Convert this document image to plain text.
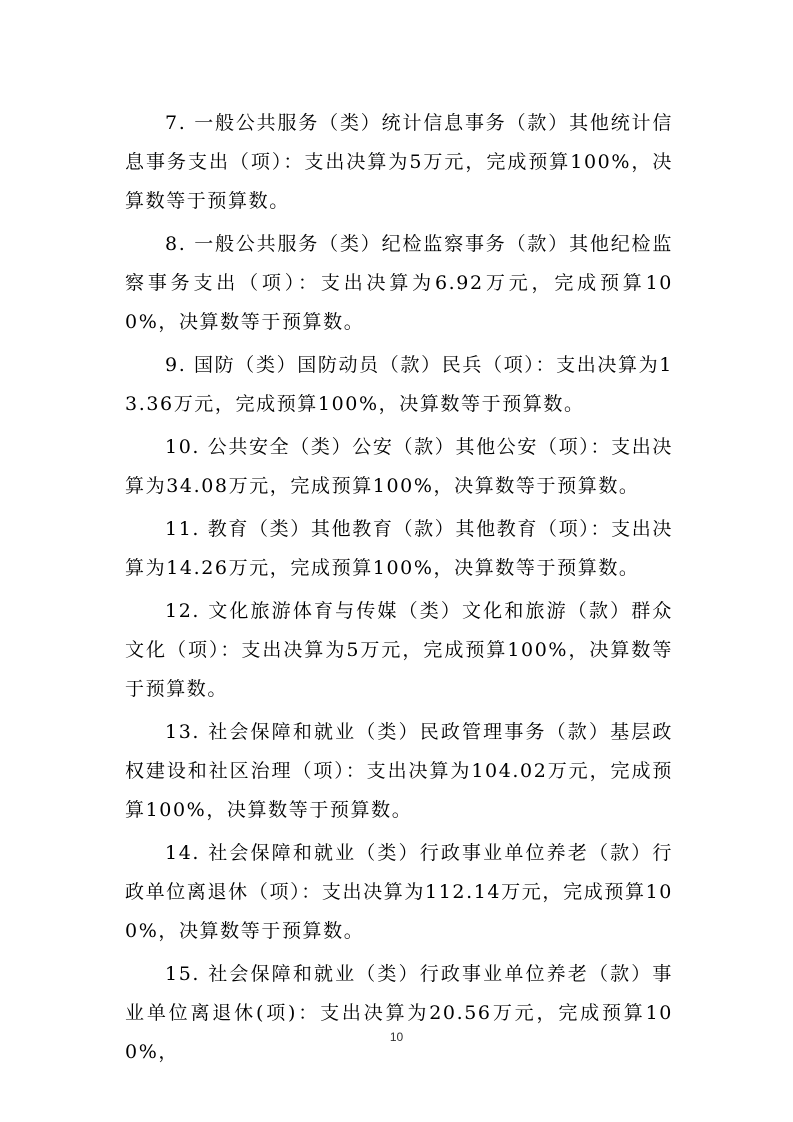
7. 一般公共服务（类）统计信息事务（款）其他统计信息事务支出（项）：支出决算为5万元，完成预算100%，决算数等于预算数。

8. 一般公共服务（类）纪检监察事务（款）其他纪检监察事务支出（项）：支出决算为6.92万元，完成预算100%，决算数等于预算数。

9. 国防（类）国防动员（款）民兵（项）：支出决算为13.36万元，完成预算100%，决算数等于预算数。

10. 公共安全（类）公安（款）其他公安（项）：支出决算为34.08万元，完成预算100%，决算数等于预算数。

11. 教育（类）其他教育（款）其他教育（项）：支出决算为14.26万元，完成预算100%，决算数等于预算数。

12. 文化旅游体育与传媒（类）文化和旅游（款）群众文化（项）：支出决算为5万元，完成预算100%，决算数等于预算数。

13. 社会保障和就业（类）民政管理事务（款）基层政权建设和社区治理（项）：支出决算为104.02万元，完成预算100%，决算数等于预算数。

14. 社会保障和就业（类）行政事业单位养老（款）行政单位离退休（项）：支出决算为112.14万元，完成预算100%，决算数等于预算数。

15. 社会保障和就业（类）行政事业单位养老（款）事业单位离退休(项)：支出决算为20.56万元，完成预算100%，

10
